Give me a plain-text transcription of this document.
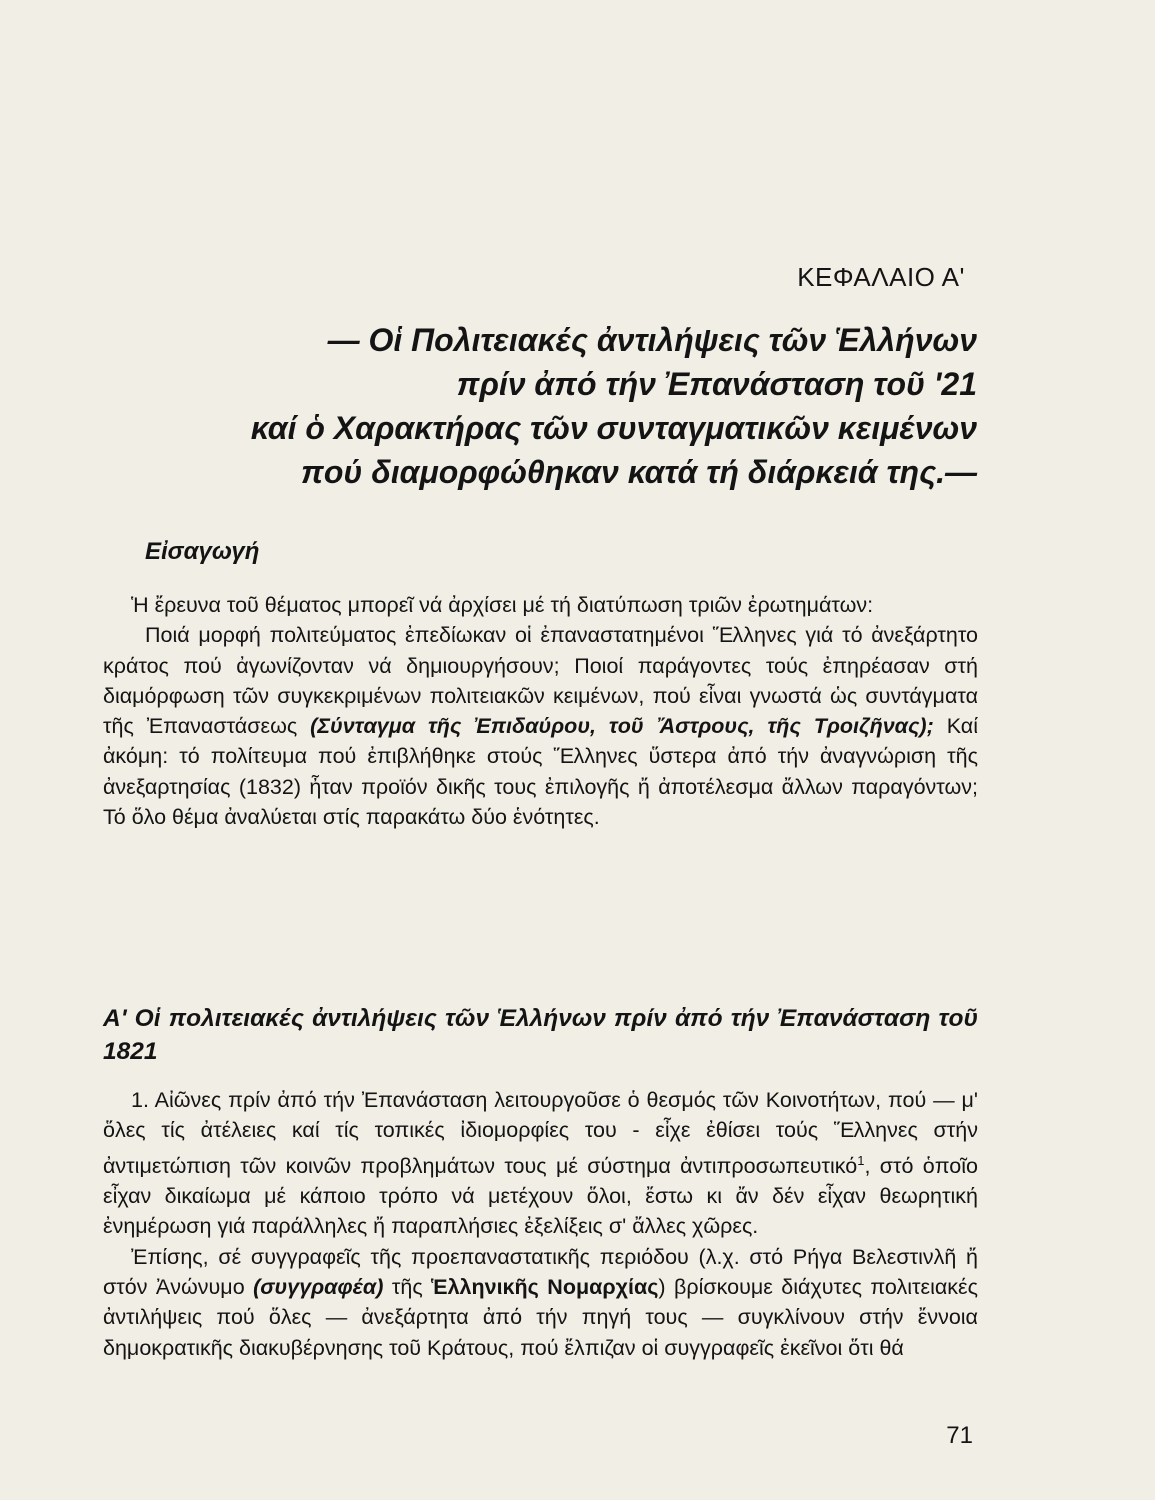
ΚΕΦΑΛΑΙΟ Α'
— Οἱ Πολιτειακές ἀντιλήψεις τῶν Ἑλλήνων
πρίν ἀπό τήν Ἐπανάσταση τοῦ '21
καί ὁ Χαρακτήρας τῶν συνταγματικῶν κειμένων
πού διαμορφώθηκαν κατά τή διάρκειά της.—
Εἰσαγωγή

Ἡ ἔρευνα τοῦ θέματος μπορεῖ νά ἀρχίσει μέ τή διατύπωση τριῶν ἐρωτημάτων:

Ποιά μορφή πολιτεύματος ἐπεδίωκαν οἱ ἐπαναστατημένοι Ἕλληνες γιά τό ἀνεξάρτητο κράτος πού ἀγωνίζονταν νά δημιουργήσουν; Ποιοί παράγοντες τούς ἐπηρέασαν στή διαμόρφωση τῶν συγκεκριμένων πολιτειακῶν κειμένων, πού εἶναι γνωστά ὡς συντάγματα τῆς Ἐπαναστάσεως (Σύνταγμα τῆς Ἐπιδαύρου, τοῦ Ἄστρους, τῆς Τροιζῆνας); Καί ἀκόμη: τό πολίτευμα πού ἐπιβλήθηκε στούς Ἕλληνες ὕστερα ἀπό τήν ἀναγνώριση τῆς ἀνεξαρτησίας (1832) ἦταν προϊόν δικῆς τους ἐπιλογῆς ἤ ἀποτέλεσμα ἄλλων παραγόντων; Τό ὅλο θέμα ἀναλύεται στίς παρακάτω δύο ἑνότητες.

Α' Οἱ πολιτειακές ἀντιλήψεις τῶν Ἑλλήνων πρίν ἀπό τήν Ἐπανάσταση τοῦ 1821

1. Αἰῶνες πρίν ἀπό τήν Ἐπανάσταση λειτουργοῦσε ὁ θεσμός τῶν Κοινοτήτων, πού — μ' ὅλες τίς ἀτέλειες καί τίς τοπικές ἰδιομορφίες του - εἶχε ἐθίσει τούς Ἕλληνες στήν ἀντιμετώπιση τῶν κοινῶν προβλημάτων τους μέ σύστημα ἀντιπροσωπευτικό$^1$, στό ὁποῖο εἶχαν δικαίωμα μέ κάποιο τρόπο νά μετέχουν ὅλοι, ἔστω κι ἄν δέν εἶχαν θεωρητική ἐνημέρωση γιά παράλληλες ἤ παραπλήσιες ἐξελίξεις σ' ἄλλες χῶρες.

Ἐπίσης, σέ συγγραφεῖς τῆς προεπαναστατικῆς περιόδου (λ.χ. στό Ρήγα Βελεστινλῆ ἤ στόν Ἀνώνυμο (συγγραφέα) τῆς Ἑλληνικῆς Νομαρχίας) βρίσκουμε διάχυτες πολιτειακές ἀντιλήψεις πού ὅλες — ἀνεξάρτητα ἀπό τήν πηγή τους — συγκλίνουν στήν ἔννοια δημοκρατικῆς διακυβέρνησης τοῦ Κράτους, πού ἔλπιζαν οἱ συγγραφεῖς ἐκεῖνοι ὅτι θά

71
